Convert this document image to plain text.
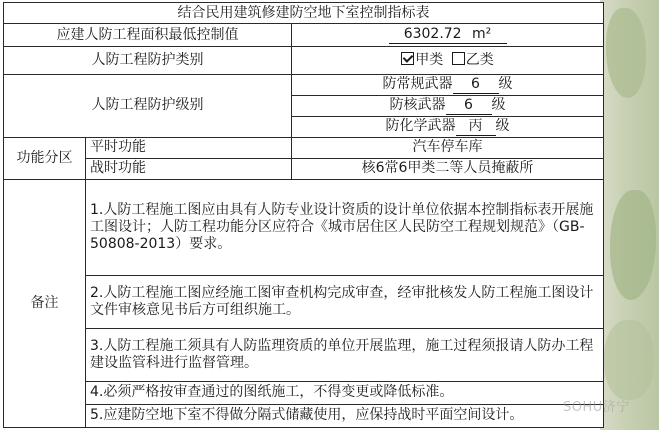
结合民用建筑修建防空地下室控制指标表		
应建人防工程面积最低控制值		6302.72 m²
人防工程防护类别		甲类 乙类
人防工程防护级别		防常规武器 6 级
		防核武器 6 级
		防化学武器 丙 级
功能分区	平时功能	汽车停车库
	战时功能	核6常6甲类二等人员掩蔽所
备注	1.人防工程施工图应由具有人防专业设计资质的设计单位依据本控制指标表开展施工图设计；人防工程功能分区应符合《城市居住区人民防空工程规划规范》（GB-50808-2013）要求。	
	2.人防工程施工图应经施工图审查机构完成审查，经审批核发人防工程施工图设计文件审核意见书后方可组织施工。	
	3.人防工程施工须具有人防监理资质的单位开展监理，施工过程须报请人防办工程建设监管科进行监督管理。	
	4.必须严格按审查通过的图纸施工，不得变更或降低标准。	
	5.应建防空地下室不得做分隔式储藏使用，应保持战时平面空间设计。		SOHU济宁
